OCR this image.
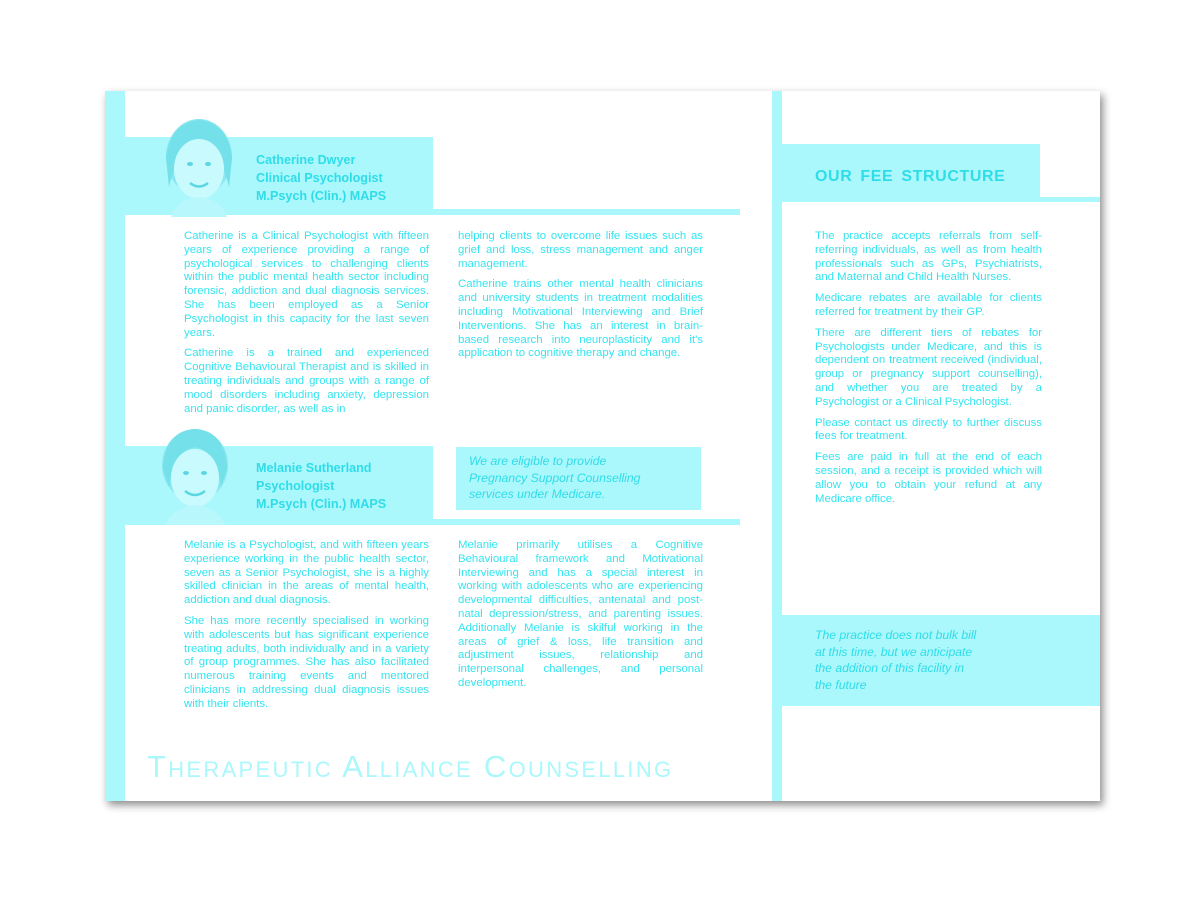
Catherine Dwyer
Clinical Psychologist
M.Psych (Clin.) MAPS

Catherine is a Clinical Psychologist with fifteen years of experience providing a range of psychological services to challenging clients within the public mental health sector including forensic, addiction and dual diagnosis services. She has been employed as a Senior Psychologist in this capacity for the last seven years.

Catherine is a trained and experienced Cognitive Behavioural Therapist and is skilled in treating individuals and groups with a range of mood disorders including anxiety, depression and panic disorder, as well as in

helping clients to overcome life issues such as grief and loss, stress management and anger management.

Catherine trains other mental health clinicians and university students in treatment modalities including Motivational Interviewing and Brief Interventions. She has an interest in brain-based research into neuroplasticity and it's application to cognitive therapy and change.

Melanie Sutherland
Psychologist
M.Psych (Clin.) MAPS
We are eligible to provide
Pregnancy Support Counselling
services under Medicare.

Melanie is a Psychologist, and with fifteen years experience working in the public health sector, seven as a Senior Psychologist, she is a highly skilled clinician in the areas of mental health, addiction and dual diagnosis.

She has more recently specialised in working with adolescents but has significant experience treating adults, both individually and in a variety of group programmes. She has also facilitated numerous training events and mentored clinicians in addressing dual diagnosis issues with their clients.

Melanie primarily utilises a Cognitive Behavioural framework and Motivational Interviewing and has a special interest in working with adolescents who are experiencing developmental difficulties, antenatal and post-natal depression/stress, and parenting issues. Additionally Melanie is skilful working in the areas of grief & loss, life transition and adjustment issues, relationship and interpersonal challenges, and personal development.

Therapeutic Alliance Counselling
OUR FEE STRUCTURE

The practice accepts referrals from self-referring individuals, as well as from health professionals such as GPs, Psychiatrists, and Maternal and Child Health Nurses.

Medicare rebates are available for clients referred for treatment by their GP.

There are different tiers of rebates for Psychologists under Medicare, and this is dependent on treatment received (individual, group or pregnancy support counselling), and whether you are treated by a Psychologist or a Clinical Psychologist.

Please contact us directly to further discuss fees for treatment.

Fees are paid in full at the end of each session, and a receipt is provided which will allow you to obtain your refund at any Medicare office.

The practice does not bulk bill
at this time, but we anticipate
the addition of this facility in
the future
